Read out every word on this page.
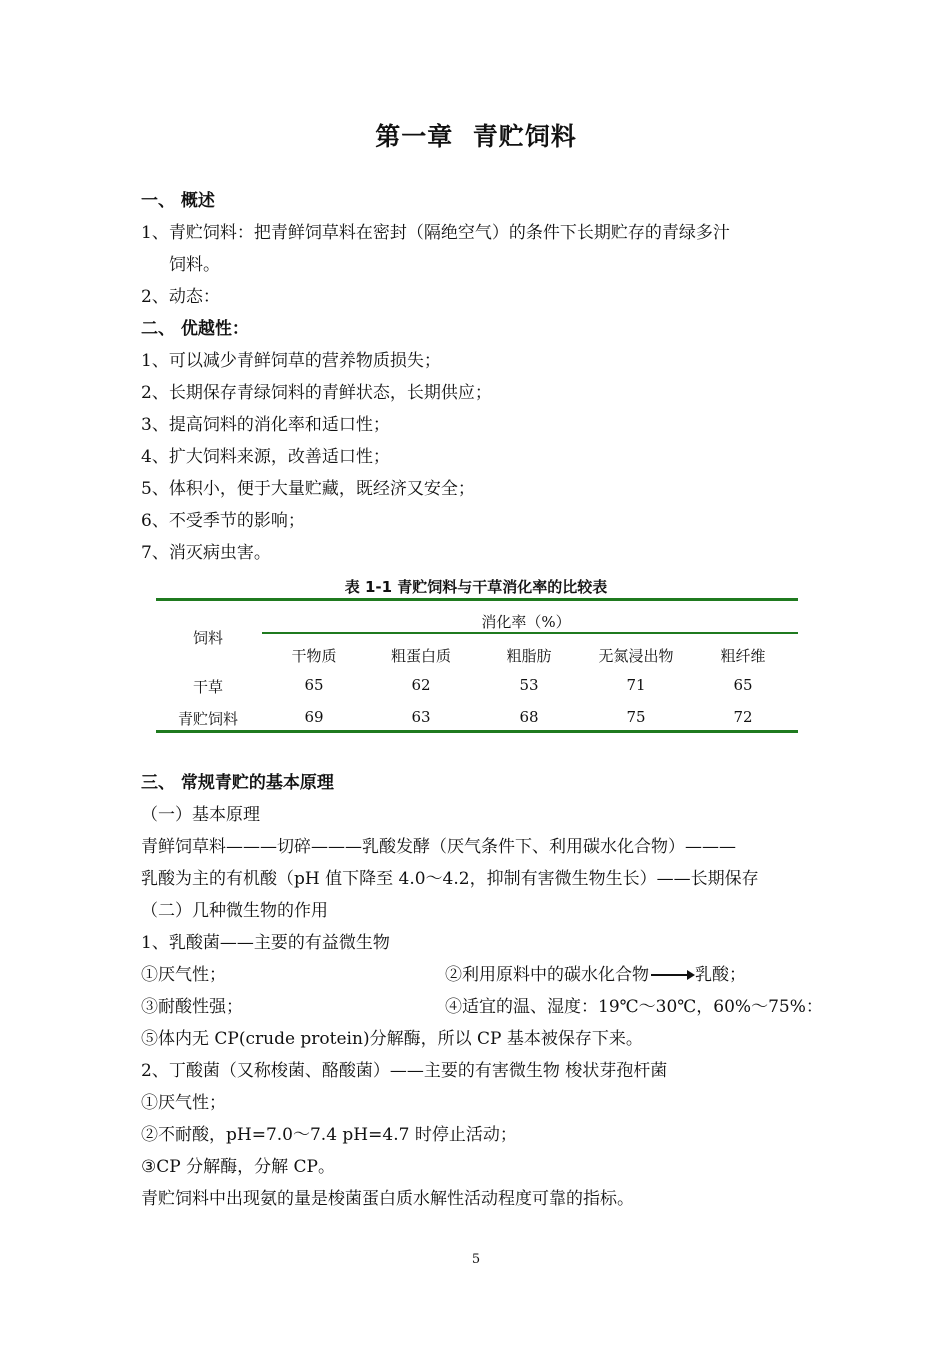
第一章  青贮饲料

一、 概述

1、青贮饲料：把青鲜饲草料在密封（隔绝空气）的条件下长期贮存的青绿多汁

饲料。

2、动态：

二、 优越性：

1、可以减少青鲜饲草的营养物质损失；

2、长期保存青绿饲料的青鲜状态，长期供应；

3、提高饲料的消化率和适口性；

4、扩大饲料来源，改善适口性；

5、体积小，便于大量贮藏，既经济又安全；

6、不受季节的影响；

7、消灭病虫害。

表 1-1 青贮饲料与干草消化率的比较表
饲料
消化率（%）
干物质	粗蛋白质	粗脂肪	无氮浸出物	粗纤维
干草	65	62	53	71	65
青贮饲料	69	63	68	75	72

三、 常规青贮的基本原理

（一）基本原理

青鲜饲草料———切碎———乳酸发酵（厌气条件下、利用碳水化合物）———

乳酸为主的有机酸（pH 值下降至 4.0～4.2，抑制有害微生物生长）——长期保存

（二）几种微生物的作用

1、乳酸菌——主要的有益微生物

①厌气性；	②利用原料中的碳水化合物	乳酸；
③耐酸性强；	④适宜的温、湿度：19℃～30℃，60%～75%：

⑤体内无 CP(crude protein)分解酶，所以 CP 基本被保存下来。

2、丁酸菌（又称梭菌、酪酸菌）——主要的有害微生物 梭状芽孢杆菌

①厌气性；

②不耐酸，pH=7.0～7.4 pH=4.7 时停止活动；

③CP 分解酶，分解 CP。

青贮饲料中出现氨的量是梭菌蛋白质水解性活动程度可靠的指标。

5
